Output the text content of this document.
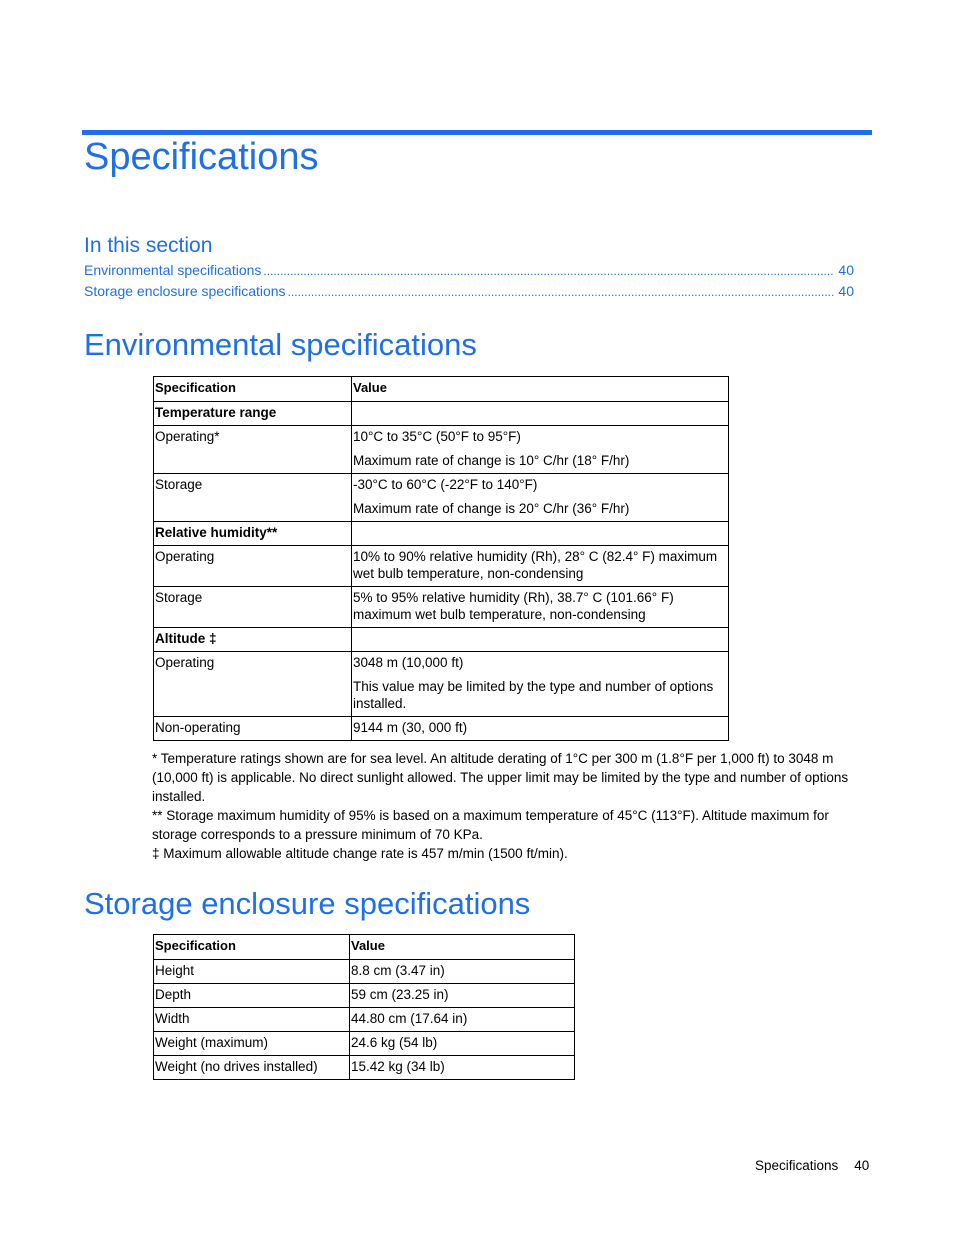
Specifications
In this section
Environmental specifications .....	40
Storage enclosure specifications .....	40
Environmental specifications
Specification	Value
Temperature range	
Operating*	10°C to 35°C (50°F to 95°F)
Maximum rate of change is 10° C/hr (18° F/hr)

Storage	-30°C to 60°C (-22°F to 140°F)
Maximum rate of change is 20° C/hr (36° F/hr)

Relative humidity**	
Operating	10% to 90% relative humidity (Rh), 28° C (82.4° F) maximum wet bulb temperature, non-condensing
Storage	5% to 95% relative humidity (Rh), 38.7° C (101.66° F) maximum wet bulb temperature, non-condensing
Altitude ‡	
Operating	3048 m (10,000 ft)
This value may be limited by the type and number of options installed.

Non-operating	9144 m (30, 000 ft)

* Temperature ratings shown are for sea level. An altitude derating of 1°C per 300 m (1.8°F per 1,000 ft) to 3048 m (10,000 ft) is applicable. No direct sunlight allowed. The upper limit may be limited by the type and number of options installed.

** Storage maximum humidity of 95% is based on a maximum temperature of 45°C (113°F). Altitude maximum for storage corresponds to a pressure minimum of 70 KPa.

‡ Maximum allowable altitude change rate is 457 m/min (1500 ft/min).

Storage enclosure specifications
Specification	Value
Height	8.8 cm (3.47 in)
Depth	59 cm (23.25 in)
Width	44.80 cm (17.64 in)
Weight (maximum)	24.6 kg (54 lb)
Weight (no drives installed)	15.42 kg (34 lb)
Specifications 40
